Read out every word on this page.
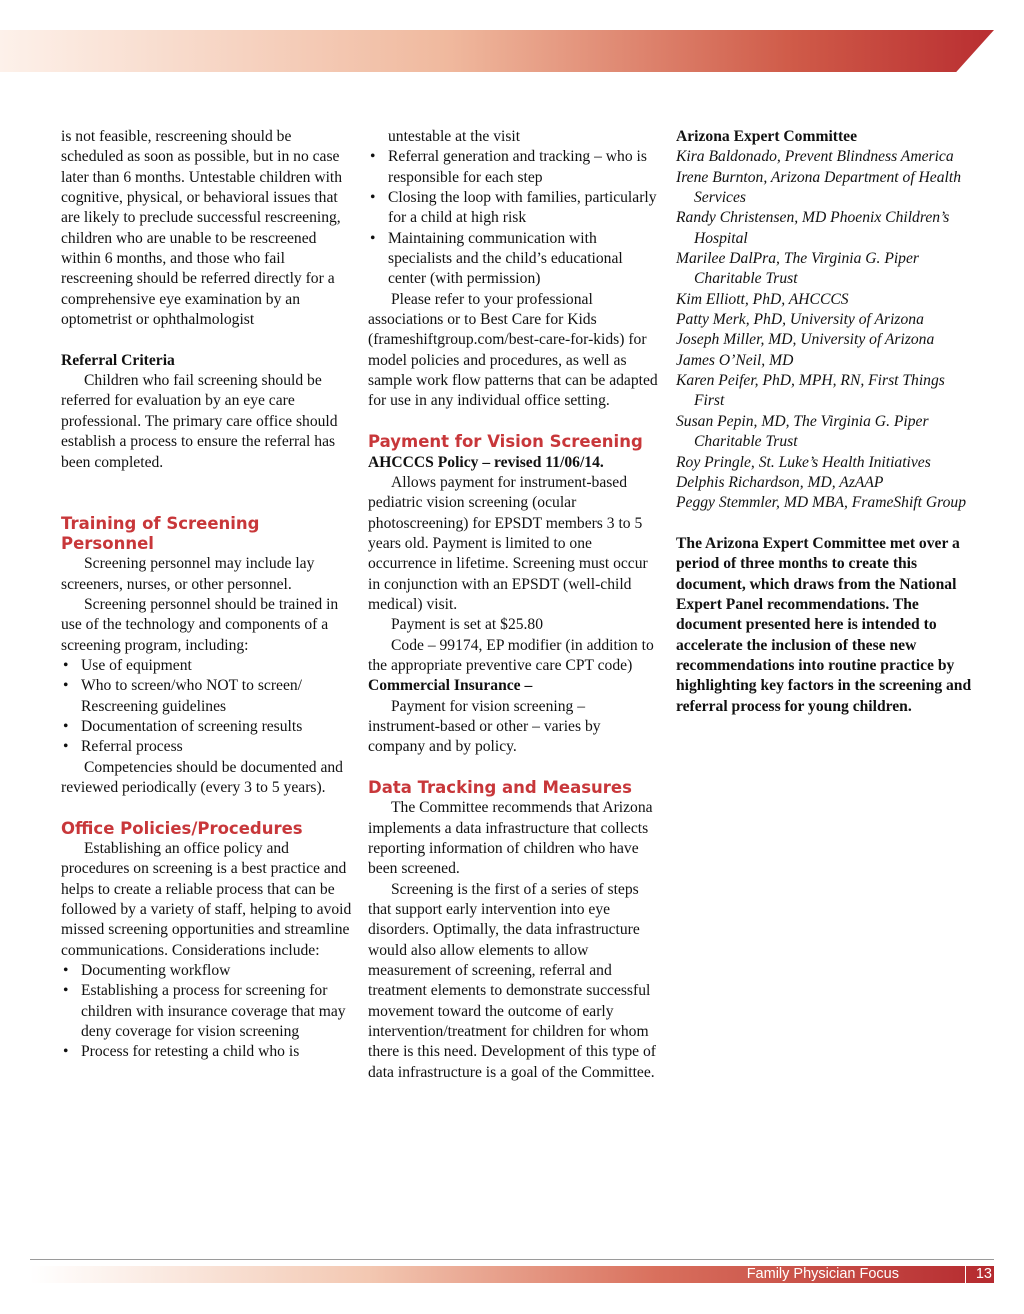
is not feasible, rescreening should be scheduled as soon as possible, but in no case later than 6 months. Untestable children with cognitive, physical, or behavioral issues that are likely to preclude successful rescreening, children who are unable to be rescreened within 6 months, and those who fail rescreening should be referred directly for a comprehensive eye examination by an optometrist or ophthalmologist

Referral Criteria

Children who fail screening should be referred for evaluation by an eye care professional. The primary care office should establish a process to ensure the referral has been completed.

Training of Screening Personnel

Screening personnel may include lay screeners, nurses, or other personnel.

Screening personnel should be trained in use of the technology and components of a screening program, including:

• Use of equipment
• Who to screen/who NOT to screen/ Rescreening guidelines
• Documentation of screening results
• Referral process

Competencies should be documented and reviewed periodically (every 3 to 5 years).

Office Policies/Procedures

Establishing an office policy and procedures on screening is a best practice and helps to create a reliable process that can be followed by a variety of staff, helping to avoid missed screening opportunities and streamline communications. Considerations include:

• Documenting workflow
• Establishing a process for screening for children with insurance coverage that may deny coverage for vision screening
• Process for retesting a child who is

untestable at the visit

• Referral generation and tracking – who is responsible for each step
• Closing the loop with families, particularly for a child at high risk
• Maintaining communication with specialists and the child’s educational center (with permission)

Please refer to your professional associations or to Best Care for Kids (frameshiftgroup.com/best-care-for-kids) for model policies and procedures, as well as sample work flow patterns that can be adapted for use in any individual office setting.

Payment for Vision Screening

AHCCCS Policy – revised 11/06/14.

Allows payment for instrument-based pediatric vision screening (ocular photoscreening) for EPSDT members 3 to 5 years old. Payment is limited to one occurrence in lifetime. Screening must occur in conjunction with an EPSDT (well-child medical) visit.

Payment is set at $25.80

Code – 99174, EP modifier (in addition to the appropriate preventive care CPT code)

Commercial Insurance –

Payment for vision screening – instrument-based or other – varies by company and by policy.

Data Tracking and Measures

The Committee recommends that Arizona implements a data infrastructure that collects reporting information of children who have been screened.

Screening is the first of a series of steps that support early intervention into eye disorders. Optimally, the data infrastructure would also allow elements to allow measurement of screening, referral and treatment elements to demonstrate successful movement toward the outcome of early intervention/treatment for children for whom there is this need. Development of this type of data infrastructure is a goal of the Committee.

Arizona Expert Committee

Kira Baldonado, Prevent Blindness America

Irene Burnton, Arizona Department of Health Services

Randy Christensen, MD Phoenix Children’s Hospital

Marilee DalPra, The Virginia G. Piper Charitable Trust

Kim Elliott, PhD, AHCCCS

Patty Merk, PhD, University of Arizona

Joseph Miller, MD, University of Arizona

James O’Neil, MD

Karen Peifer, PhD, MPH, RN, First Things First

Susan Pepin, MD, The Virginia G. Piper Charitable Trust

Roy Pringle, St. Luke’s Health Initiatives

Delphis Richardson, MD, AzAAP

Peggy Stemmler, MD MBA, FrameShift Group

The Arizona Expert Committee met over a period of three months to create this document, which draws from the National Expert Panel recommendations. The document presented here is intended to accelerate the inclusion of these new recommendations into routine practice by highlighting key factors in the screening and referral process for young children.

Family Physician Focus	13
